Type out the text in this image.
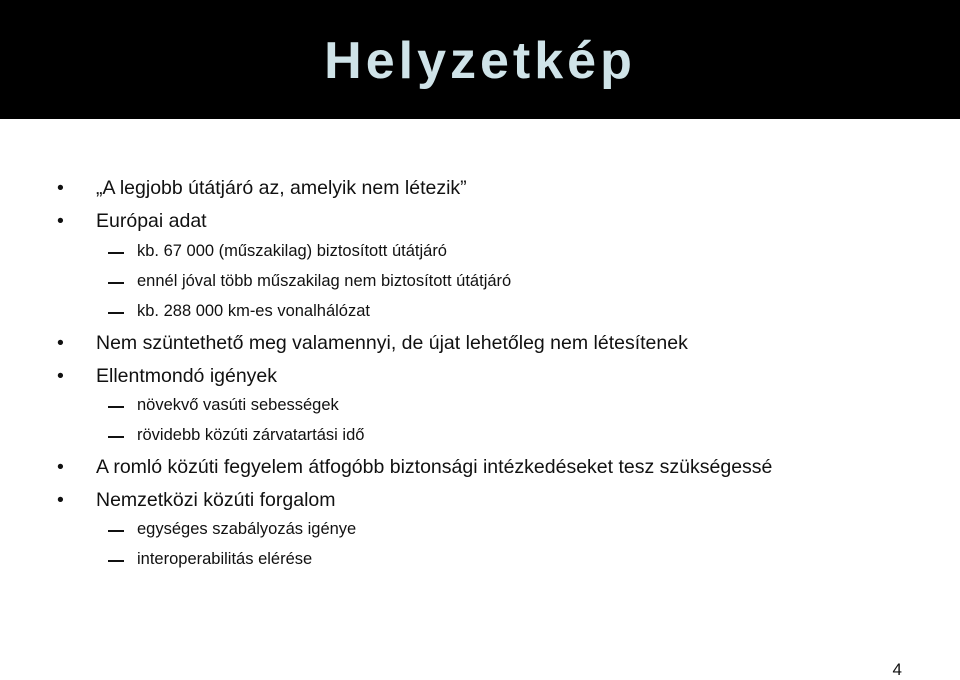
Helyzetkép
• „A legjobb útátjáró az, amelyik nem létezik”
• Európai adat
kb. 67 000 (műszakilag) biztosított útátjáró
ennél jóval több műszakilag nem biztosított útátjáró
kb. 288 000 km-es vonalhálózat
• Nem szüntethető meg valamennyi, de újat lehetőleg nem létesítenek
• Ellentmondó igények
növekvő vasúti sebességek
rövidebb közúti zárvatartási idő
• A romló közúti fegyelem átfogóbb biztonsági intézkedéseket tesz szükségessé
• Nemzetközi közúti forgalom
egységes szabályozás igénye
interoperabilitás elérése
4
